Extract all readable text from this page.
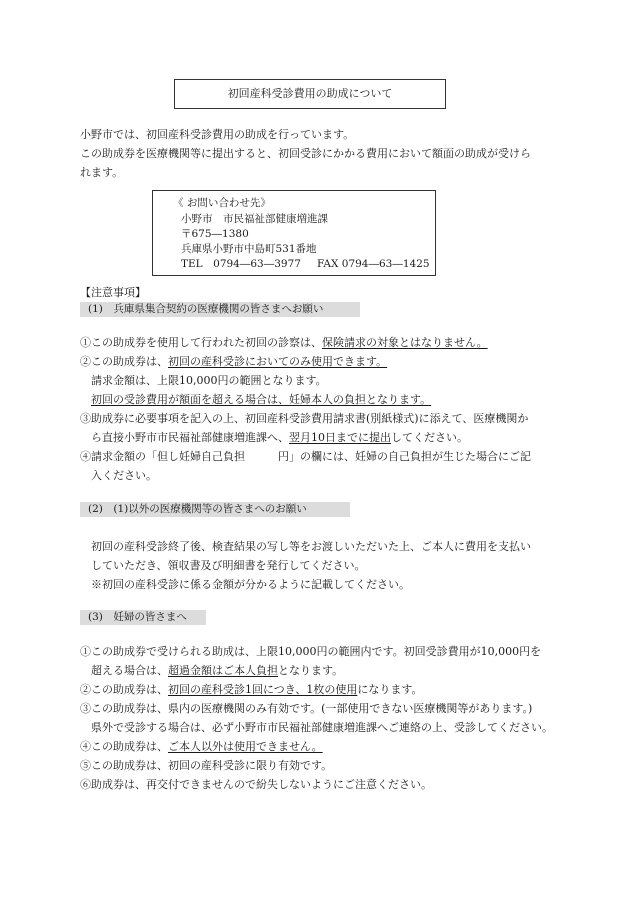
初回産科受診費用の助成について
小野市では、初回産科受診費用の助成を行っています。
この助成券を医療機関等に提出すると、初回受診にかかる費用において額面の助成が受けら
れます。
《 お問い合わせ先》
小野市　市民福祉部健康増進課
〒675―1380
兵庫県小野市中島町531番地
TEL　0794―63―3977 FAX 0794―63―1425
【注意事項】
(1)　兵庫県集合契約の医療機関の皆さまへお願い
①この助成券を使用して行われた初回の診察は、保険請求の対象とはなりません。
②この助成券は、初回の産科受診においてのみ使用できます。
請求金額は、上限10,000円の範囲となります。
初回の受診費用が額面を超える場合は、妊婦本人の負担となります。
③助成券に必要事項を記入の上、初回産科受診費用請求書(別紙様式)に添えて、医療機関か
ら直接小野市市民福祉部健康増進課へ、翌月10日までに提出してください。
④請求金額の「但し妊婦自己負担　　　円」の欄には、妊婦の自己負担が生じた場合にご記
入ください。
(2)　(1)以外の医療機関等の皆さまへのお願い
初回の産科受診終了後、検査結果の写し等をお渡しいただいた上、ご本人に費用を支払い
していただき、領収書及び明細書を発行してください。
※初回の産科受診に係る金額が分かるように記載してください。
(3)　妊婦の皆さまへ
①この助成券で受けられる助成は、上限10,000円の範囲内です。初回受診費用が10,000円を
超える場合は、超過金額はご本人負担となります。
②この助成券は、初回の産科受診1回につき、1枚の使用になります。
③この助成券は、県内の医療機関のみ有効です。(一部使用できない医療機関等があります。)
県外で受診する場合は、必ず小野市市民福祉部健康増進課へご連絡の上、受診してください。
④この助成券は、ご本人以外は使用できません。
⑤この助成券は、初回の産科受診に限り有効です。
⑥助成券は、再交付できませんので紛失しないようにご注意ください。
